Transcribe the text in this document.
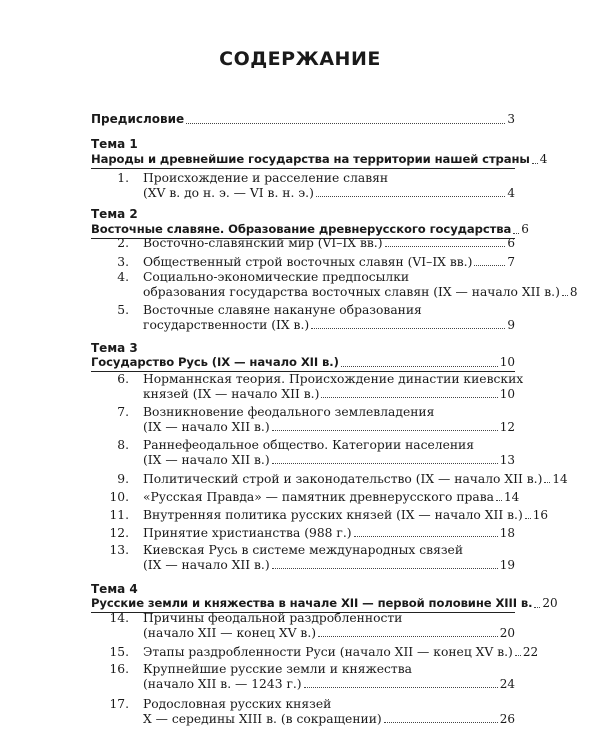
СОДЕРЖАНИЕ
Предисловие	3
Тема 1
Народы и древнейшие государства на территории нашей страны 4
1. Происхождение и расселение славян
(XV в. до н. э. — VI в. н. э.)	4
Тема 2
Восточные славяне. Образование древнерусского государства 6
2. Восточно-славянский мир (VI–IX вв.)	6
3. Общественный строй восточных славян (VI–IX вв.)	7
4. Социально-экономические предпосылки
образования государства восточных славян (IX — начало XII в.) 8
5. Восточные славяне накануне образования
государственности (IX в.)	9
Тема 3
Государство Русь (IX — начало XII в.)	10
6. Норманнская теория. Происхождение династии киевских
князей (IX — начало XII в.)	10
7. Возникновение феодального землевладения
(IX — начало XII в.)	12
8. Раннефеодальное общество. Категории населения
(IX — начало XII в.)	13
9. Политический строй и законодательство (IX — начало XII в.) 14
10. «Русская Правда» — памятник древнерусского права 14
11. Внутренняя политика русских князей (IX — начало XII в.) 16
12. Принятие христианства (988 г.)	18
13. Киевская Русь в системе международных связей
(IX — начало XII в.)	19
Тема 4
Русские земли и княжества в начале XII — первой половине XIII в. 20
14. Причины феодальной раздробленности
(начало XII — конец XV в.)	20
15. Этапы раздробленности Руси (начало XII — конец XV в.) 22
16. Крупнейшие русские земли и княжества
(начало XII в. — 1243 г.)	24
17. Родословная русских князей
X — середины XIII в. (в сокращении)	26
